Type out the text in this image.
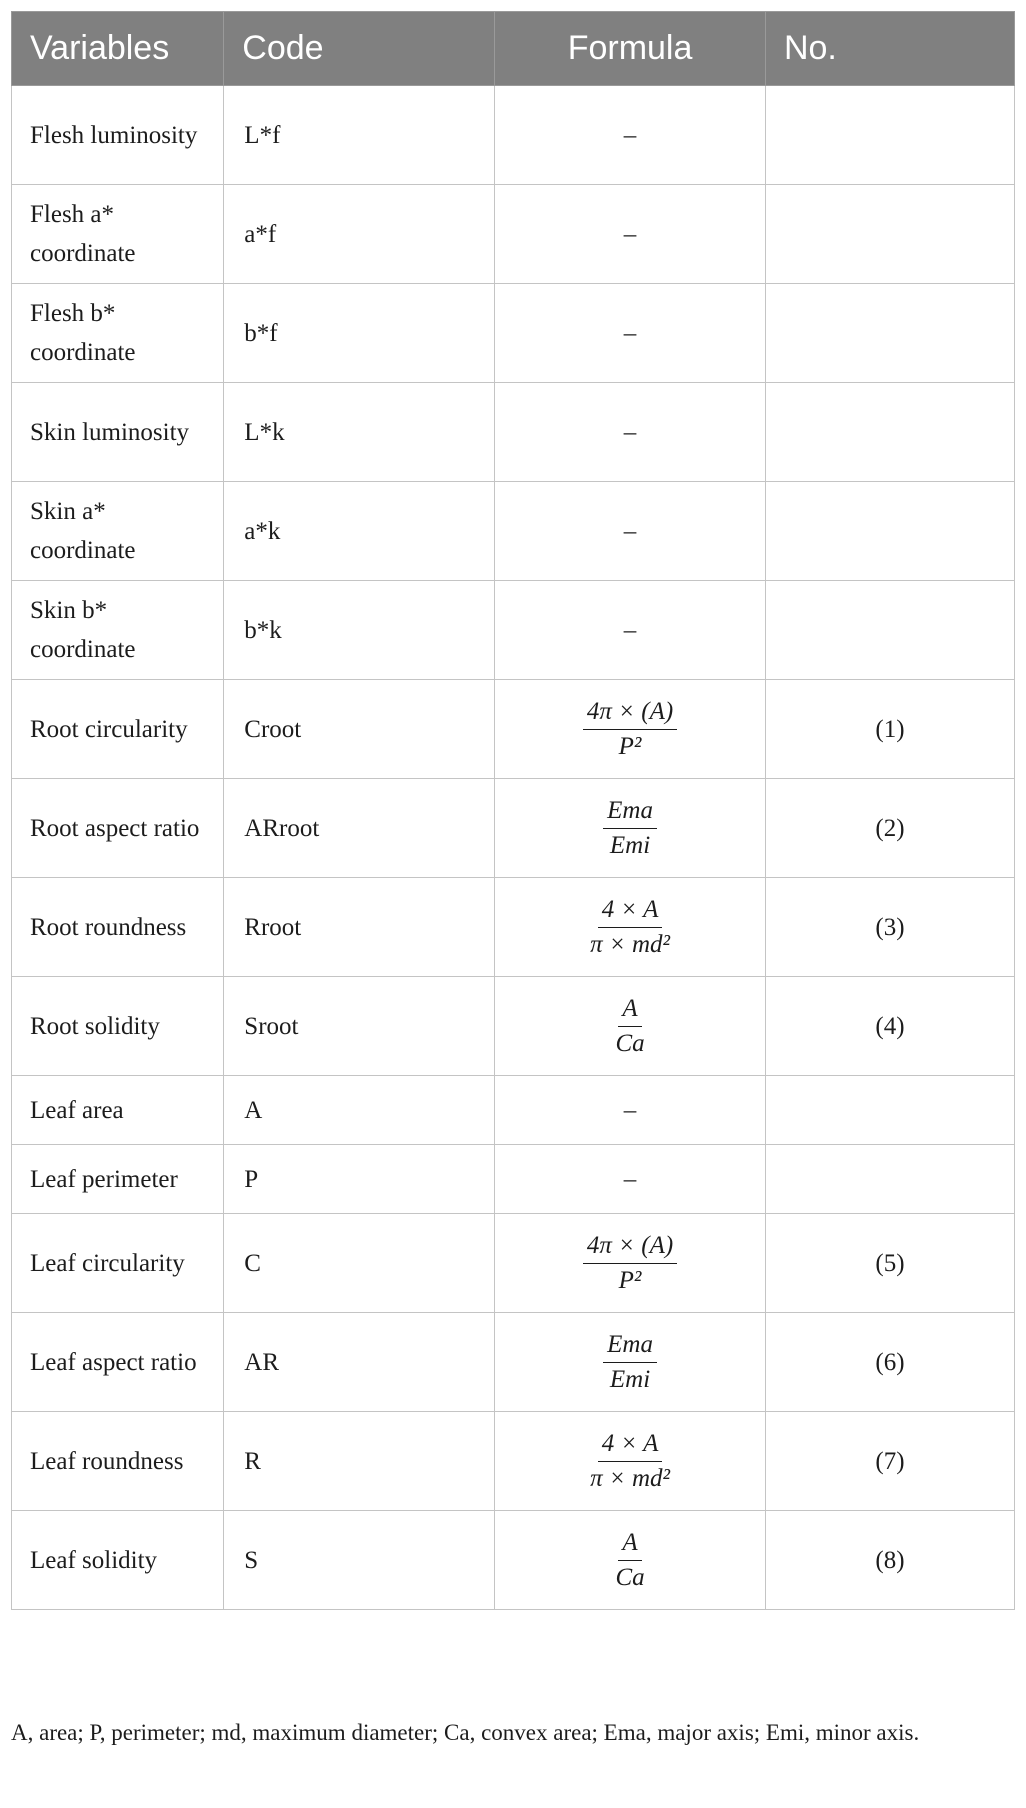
Variables	Code	Formula	No.
Flesh luminosity	L*f	–	
Flesh a* coordinate	a*f	–	
Flesh b* coordinate	b*f	–	
Skin luminosity	L*k	–	
Skin a* coordinate	a*k	–	
Skin b* coordinate	b*k	–	
Root circularity	Croot	$\frac{4\pi \times (A)}{\text{P²}}$	(1)
Root aspect ratio	ARroot	$\frac{\text{Ema}}{\text{Emi}}$	(2)
Root roundness	Rroot	$\frac{4 \times A}{\text{π × md²}}$	(3)
Root solidity	Sroot	$\frac{A}{Ca}$	(4)
Leaf area	A	–	
Leaf perimeter	P	–	
Leaf circularity	C	$\frac{4\pi \times (A)}{\text{P²}}$	(5)
Leaf aspect ratio	AR	$\frac{\text{Ema}}{\text{Emi}}$	(6)
Leaf roundness	R	$\frac{4 \times A}{\text{π × md²}}$	(7)
Leaf solidity	S	$\frac{A}{Ca}$	(8)
A, area; P, perimeter; md, maximum diameter; Ca, convex area; Ema, major axis; Emi, minor axis.
